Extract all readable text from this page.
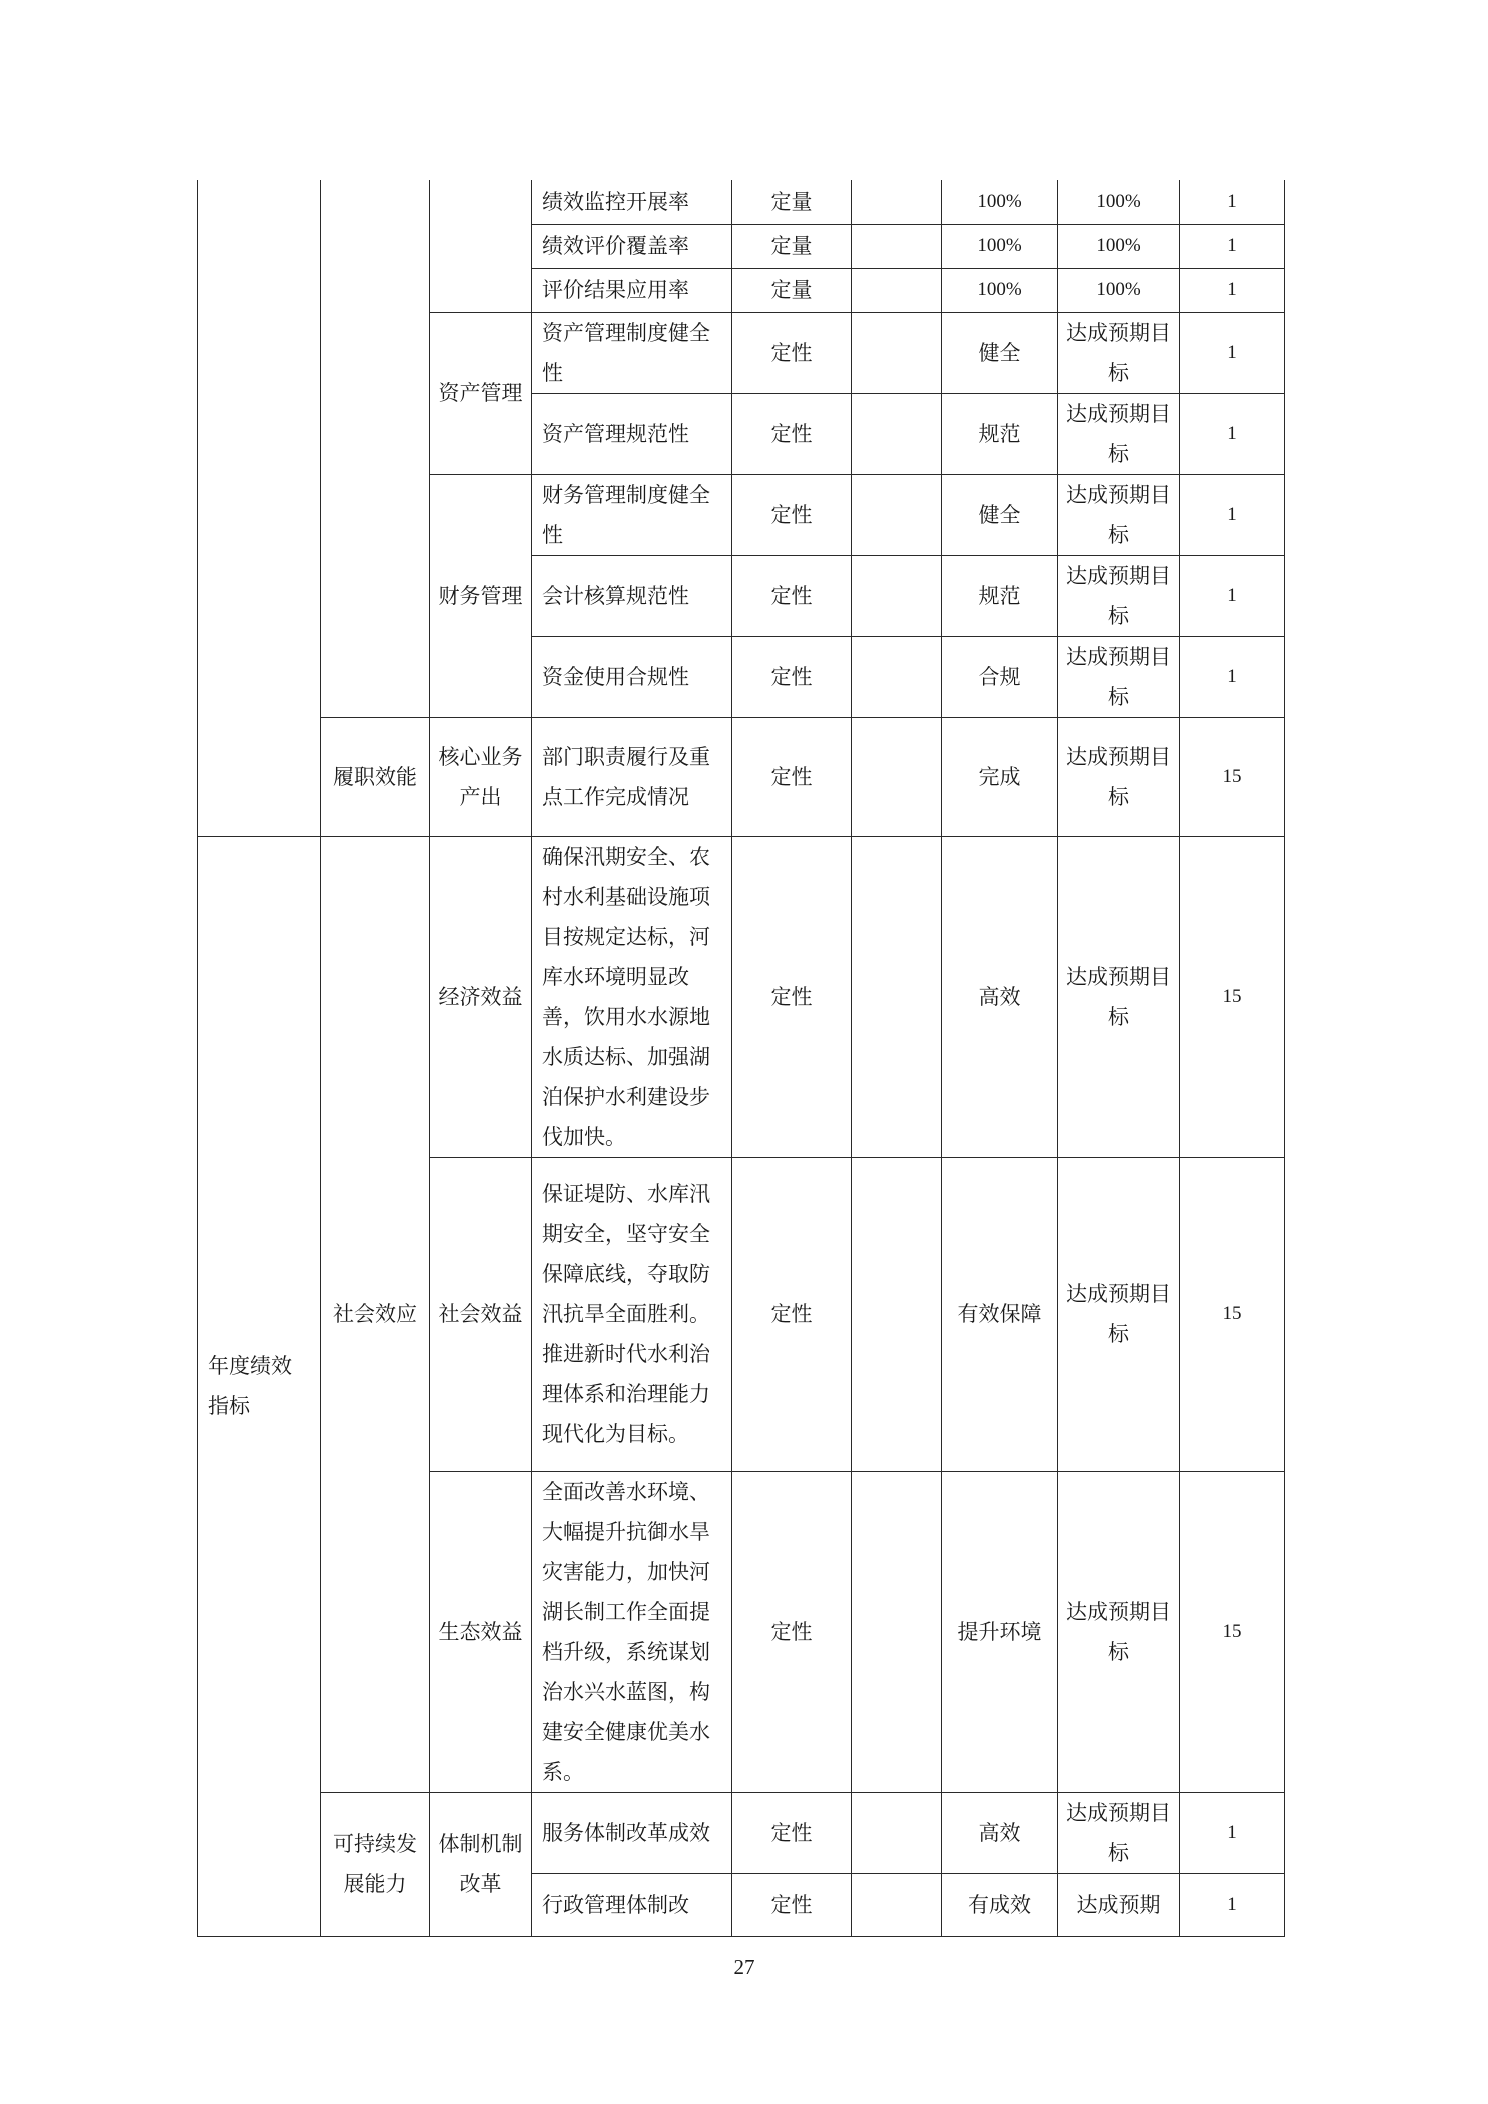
			绩效监控开展率	定量		100%	100%	1
			绩效评价覆盖率	定量		100%	100%	1
			评价结果应用率	定量		100%	100%	1
		资产管理	资产管理制度健全性	定性		健全	达成预期目标	1
			资产管理规范性	定性		规范	达成预期目标	1
		财务管理	财务管理制度健全性	定性		健全	达成预期目标	1
			会计核算规范性	定性		规范	达成预期目标	1
			资金使用合规性	定性		合规	达成预期目标	1
	履职效能	核心业务产出	部门职责履行及重点工作完成情况	定性		完成	达成预期目标	15
年度绩效指标	社会效应	经济效益	确保汛期安全、农村水利基础设施项目按规定达标，河库水环境明显改善，饮用水水源地水质达标、加强湖泊保护水利建设步伐加快。	定性		高效	达成预期目标	15
		社会效益	保证堤防、水库汛期安全，坚守安全保障底线，夺取防汛抗旱全面胜利。推进新时代水利治理体系和治理能力现代化为目标。	定性		有效保障	达成预期目标	15
		生态效益	全面改善水环境、大幅提升抗御水旱灾害能力，加快河湖长制工作全面提档升级，系统谋划治水兴水蓝图，构建安全健康优美水系。	定性		提升环境	达成预期目标	15
	可持续发展能力	体制机制改革	服务体制改革成效	定性		高效	达成预期目标	1
			行政管理体制改	定性		有成效	达成预期	1
27
